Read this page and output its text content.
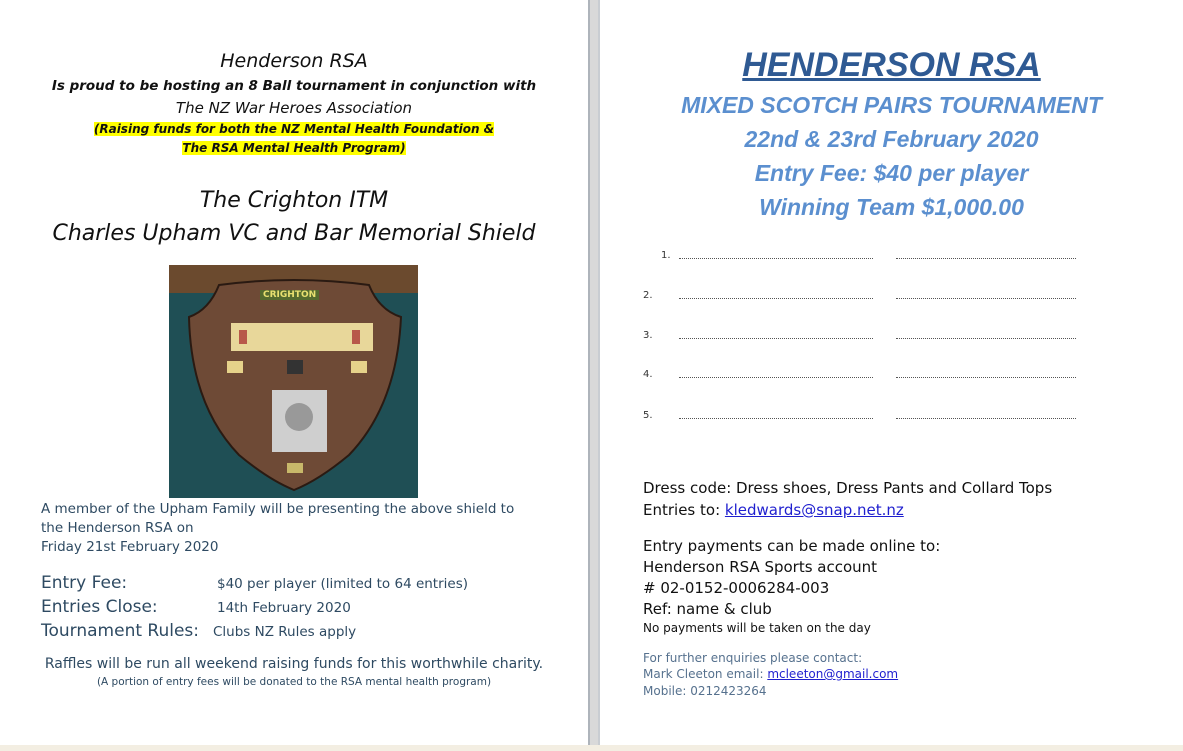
Henderson RSA
Is proud to be hosting an 8 Ball tournament in conjunction with
The NZ War Heroes Association
(Raising funds for both the NZ Mental Health Foundation &
The RSA Mental Health Program)
The Crighton ITM
Charles Upham VC and Bar Memorial Shield
CRIGHTON
A member of the Upham Family will be presenting the above shield to
the Henderson RSA on
Friday 21st February 2020
Entry Fee:	$40 per player (limited to 64 entries)
Entries Close:	14th February 2020
Tournament Rules: Clubs NZ Rules apply
Raffles will be run all weekend raising funds for this worthwhile charity.
(A portion of entry fees will be donated to the RSA mental health program)
HENDERSON RSA
MIXED SCOTCH PAIRS TOURNAMENT
22nd & 23rd February 2020
Entry Fee: $40 per player
Winning Team $1,000.00
1.
2.
3.
4.
5.
Dress code: Dress shoes, Dress Pants and Collard Tops
Entries to: kledwards@snap.net.nz
Entry payments can be made online to:
Henderson RSA Sports account
# 02-0152-0006284-003
Ref: name & club
No payments will be taken on the day
For further enquiries please contact:
Mark Cleeton email: mcleeton@gmail.com
Mobile: 0212423264
